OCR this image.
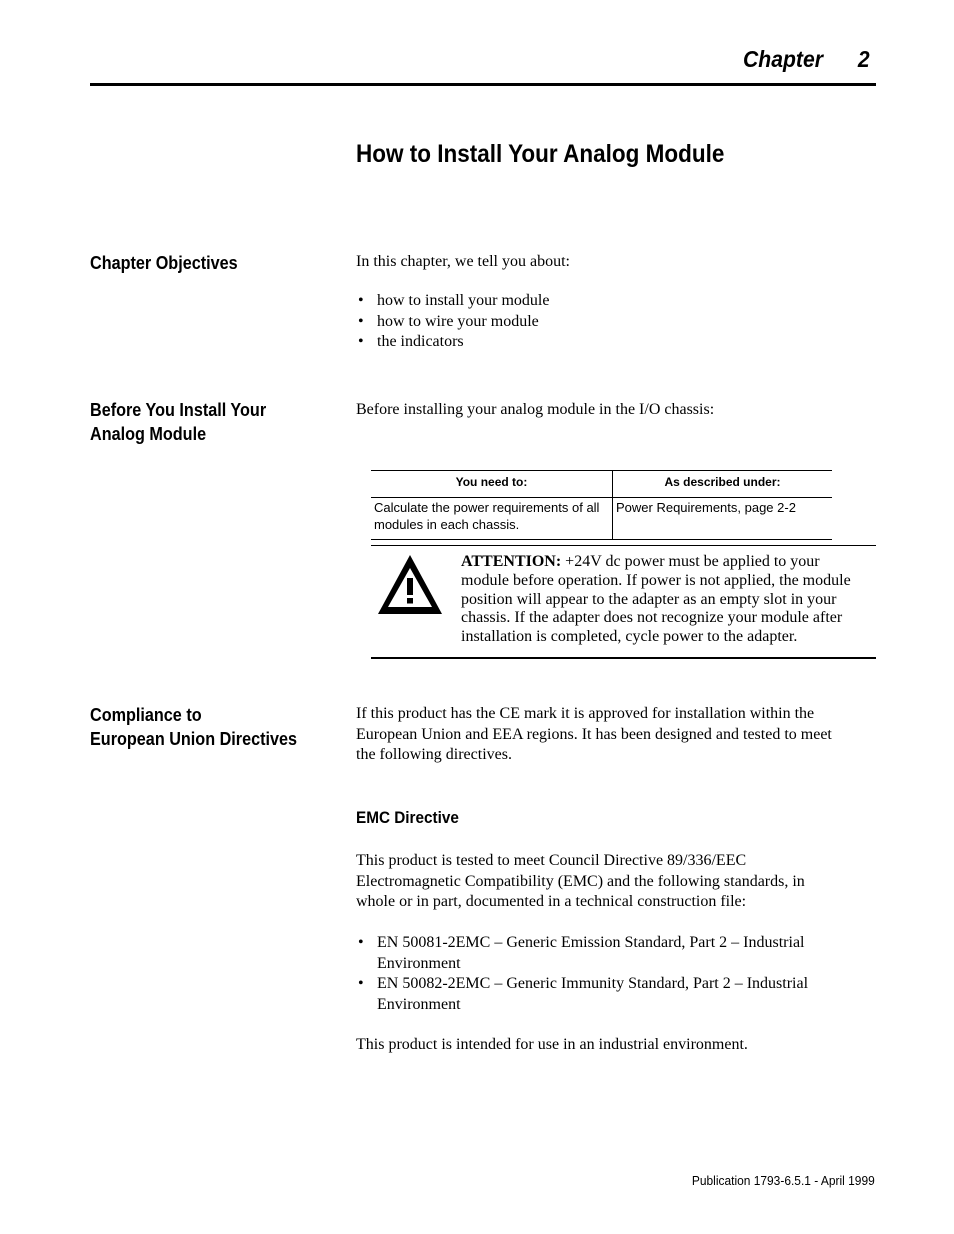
Chapter 2
How to Install Your Analog Module
Chapter Objectives	In this chapter, we tell you about:
• how to install your module
• how to wire your module
• the indicators
Before You Install Your
Analog Module
Before installing your analog module in the I/O chassis:
You need to:	As described under:

Calculate the power requirements of all
modules in each chassis.	Power Requirements, page 2-2
ATTENTION: +24V dc power must be applied to your
module before operation. If power is not applied, the module
position will appear to the adapter as an empty slot in your
chassis. If the adapter does not recognize your module after
installation is completed, cycle power to the adapter.
Compliance to
European Union Directives
If this product has the CE mark it is approved for installation within the
European Union and EEA regions. It has been designed and tested to meet
the following directives.
EMC Directive
This product is tested to meet Council Directive 89/336/EEC
Electromagnetic Compatibility (EMC) and the following standards, in
whole or in part, documented in a technical construction file:
• EN 50081-2EMC – Generic Emission Standard, Part 2 – Industrial
Environment
• EN 50082-2EMC – Generic Immunity Standard, Part 2 – Industrial
Environment
This product is intended for use in an industrial environment.
Publication 1793-6.5.1 - April 1999
